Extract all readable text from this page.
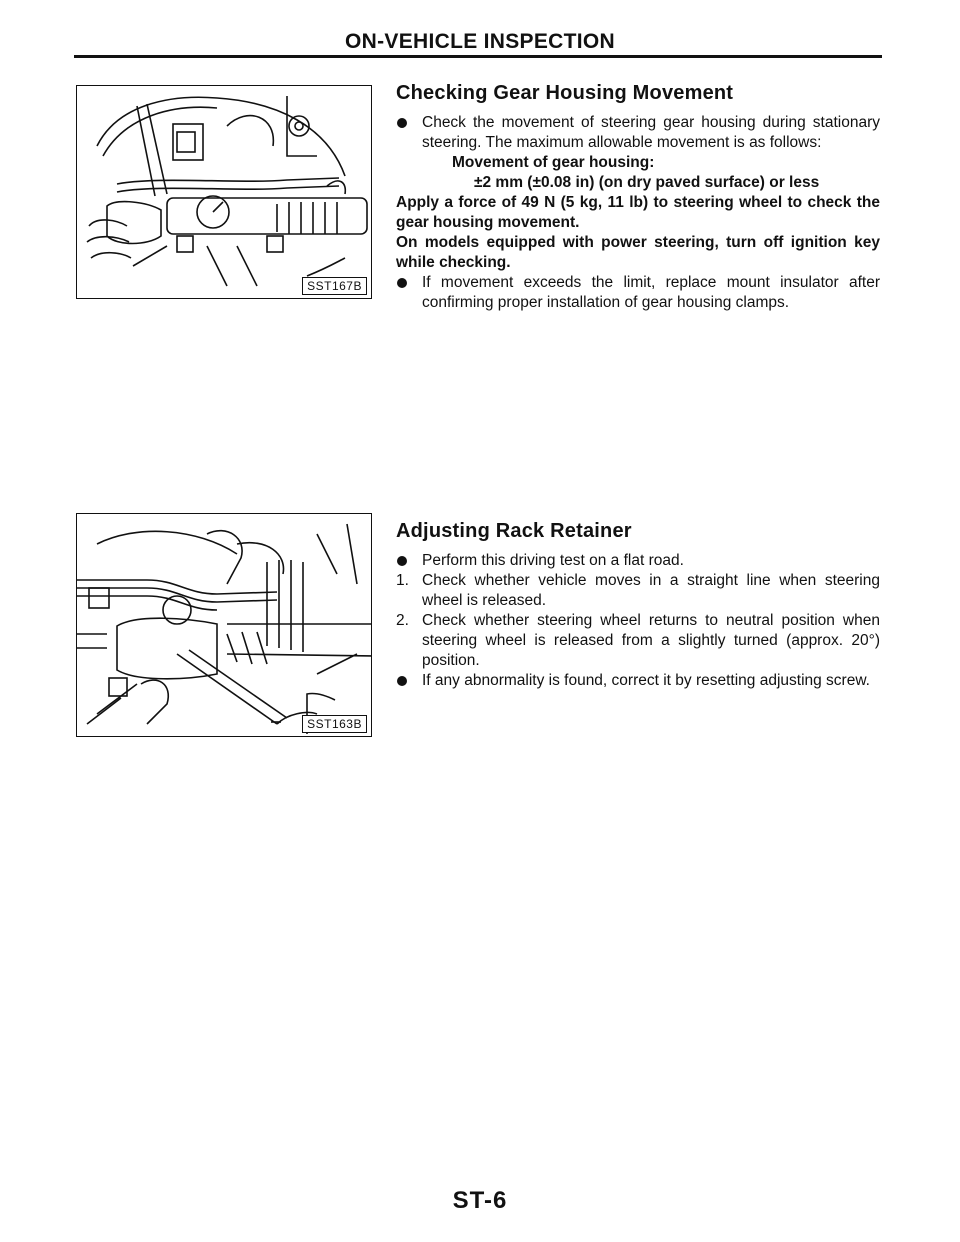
ON-VEHICLE INSPECTION
SST167B
SST163B
Checking Gear Housing Movement

Check the movement of steering gear housing during stationary steering. The maximum allowable movement is as follows:

Movement of gear housing:

±2 mm (±0.08 in) (on dry paved surface) or less

Apply a force of 49 N (5 kg, 11 lb) to steering wheel to check the gear housing movement.

On models equipped with power steering, turn off ignition key while checking.

If movement exceeds the limit, replace mount insulator after confirming proper installation of gear housing clamps.

Adjusting Rack Retainer

Perform this driving test on a flat road.

1. Check whether vehicle moves in a straight line when steering wheel is released.

2. Check whether steering wheel returns to neutral position when steering wheel is released from a slightly turned (approx. 20°) position.

If any abnormality is found, correct it by resetting adjusting screw.

ST-6
